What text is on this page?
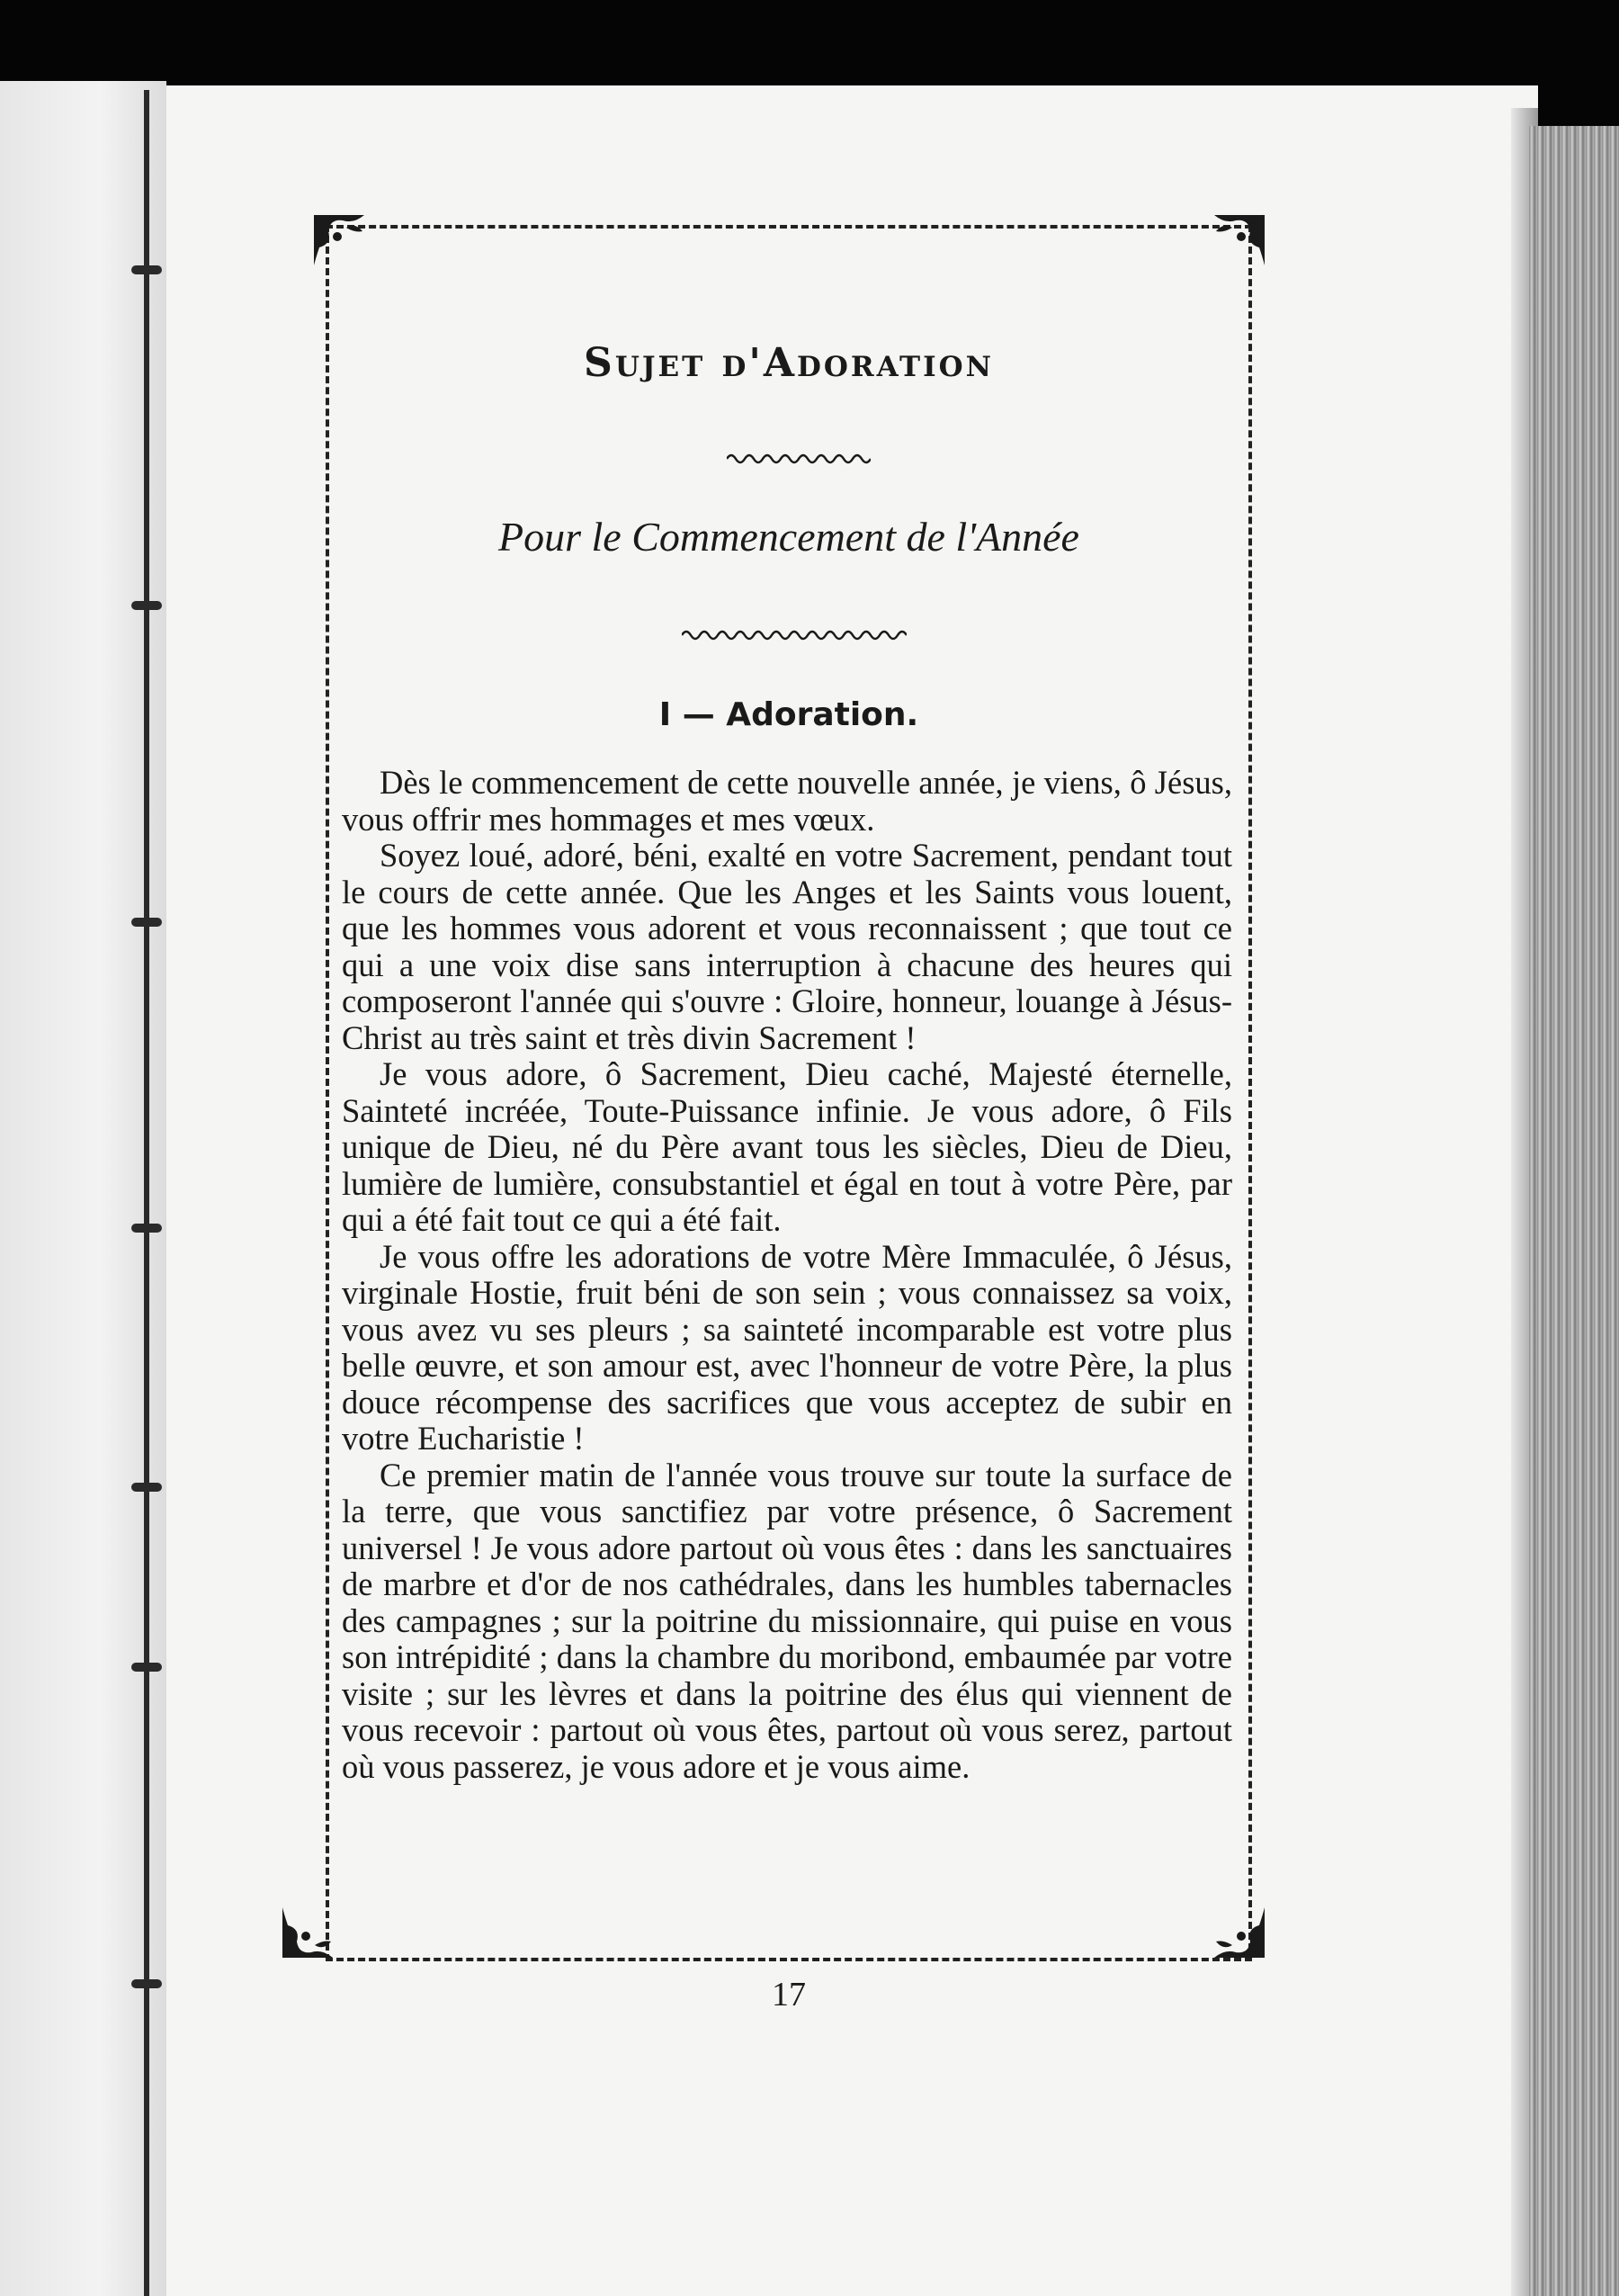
Sujet d'Adoration
Pour le Commencement de l'Année
I — Adoration.

Dès le commencement de cette nouvelle année, je viens, ô Jésus, vous offrir mes hommages et mes vœux.

Soyez loué, adoré, béni, exalté en votre Sacrement, pendant tout le cours de cette année. Que les Anges et les Saints vous louent, que les hommes vous adorent et vous reconnaissent ; que tout ce qui a une voix dise sans interruption à chacune des heures qui composeront l'année qui s'ouvre : Gloire, honneur, louange à Jésus-Christ au très saint et très divin Sacrement !

Je vous adore, ô Sacrement, Dieu caché, Majesté éternelle, Sainteté incréée, Toute-Puissance infinie. Je vous adore, ô Fils unique de Dieu, né du Père avant tous les siècles, Dieu de Dieu, lumière de lumière, consubstantiel et égal en tout à votre Père, par qui a été fait tout ce qui a été fait.

Je vous offre les adorations de votre Mère Immaculée, ô Jésus, virginale Hostie, fruit béni de son sein ; vous connaissez sa voix, vous avez vu ses pleurs ; sa sainteté incomparable est votre plus belle œuvre, et son amour est, avec l'honneur de votre Père, la plus douce récompense des sacrifices que vous acceptez de subir en votre Eucharistie !

Ce premier matin de l'année vous trouve sur toute la surface de la terre, que vous sanctifiez par votre présence, ô Sacrement universel ! Je vous adore partout où vous êtes : dans les sanctuaires de marbre et d'or de nos cathédrales, dans les humbles tabernacles des campagnes ; sur la poitrine du missionnaire, qui puise en vous son intrépidité ; dans la chambre du moribond, embaumée par votre visite ; sur les lèvres et dans la poitrine des élus qui viennent de vous recevoir : partout où vous êtes, partout où vous serez, partout où vous passerez, je vous adore et je vous aime.

17
